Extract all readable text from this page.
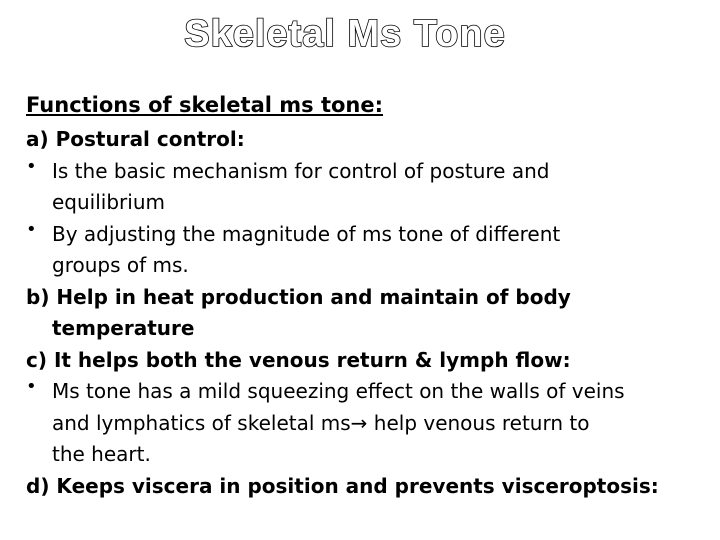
Skeletal Ms Tone
Functions of skeletal ms tone:
a) Postural control:
• Is the basic mechanism for control of posture and
equilibrium
• By adjusting the magnitude of ms tone of different
groups of ms.
b) Help in heat production and maintain of body
temperature
c) It helps both the venous return & lymph flow:
• Ms tone has a mild squeezing effect on the walls of veins
and lymphatics of skeletal ms→ help venous return to
the heart.
d) Keeps viscera in position and prevents visceroptosis:
